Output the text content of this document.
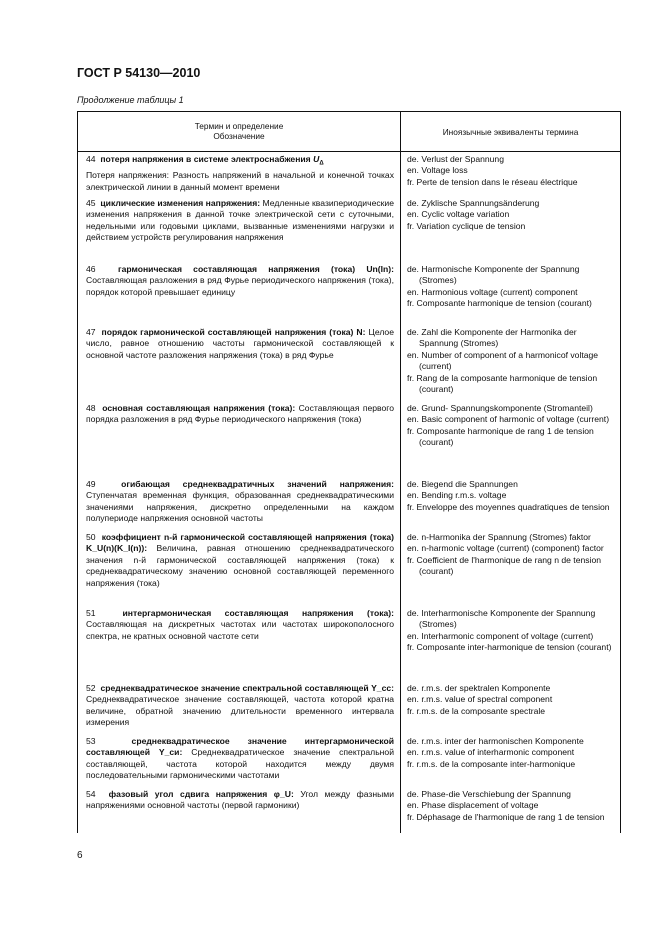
ГОСТ Р 54130—2010
Продолжение таблицы 1
Термин и определение
Обозначение	Иноязычные эквиваленты термина
44 потеря напряжения в системе электроснабжения $U_\Delta$
Потеря напряжения: Разность напряжений в начальной и конечной точках электрической линии в данный момент времени
de. Verlust der Spannung
en. Voltage loss
fr. Perte de tension dans le réseau électrique
45 циклические изменения напряжения: Медленные квазипериодические изменения напряжения в данной точке электрической сети с суточными, недельными или годовыми циклами, вызванные изменениями нагрузки и действием устройств регулирования напряжения
de. Zyklische Spannungsänderung
en. Cyclic voltage variation
fr. Variation cyclique de tension
46	гармоническая составляющая напряжения (тока) Un(In): Составляющая разложения в ряд Фурье периодического напряжения (тока), порядок которой превышает единицу
de. Harmonische Komponente der Spannung (Stromes)
en. Harmonious voltage (current) component
fr. Composante harmonique de tension (courant)
47 порядок гармонической составляющей напряжения (тока) N: Целое число, равное отношению частоты гармонической составляющей к основной частоте разложения напряжения (тока) в ряд Фурье
de. Zahl die Komponente der Harmonika der Spannung (Stromes)
en. Number of component of a harmonicof voltage (current)
fr. Rang de la composante harmonique de tension (courant)
48 основная составляющая напряжения (тока): Составляющая первого порядка разложения в ряд Фурье периодического напряжения (тока)
de. Grund- Spannungskomponente (Stromanteil)
en. Basic component of harmonic of voltage (current)
fr. Composante harmonique de rang 1 de tension (courant)
49	огибающая среднеквадратичных значений напряжения: Ступенчатая временная функция, образованная среднеквадратическими значениями напряжения, дискретно определенными на каждом полупериоде напряжения основной частоты
de. Biegend die Spannungen
en. Bending r.m.s. voltage
fr. Enveloppe des moyennes quadratiques de tension
50 коэффициент n-й гармонической составляющей напряжения (тока) K_U(n)(K_I(n)): Величина, равная отношению среднеквадратического значения n-й гармонической составляющей напряжения (тока) к среднеквадратическому значению основной составляющей переменного напряжения (тока)
de. n-Harmonika der Spannung (Stromes) faktor
en. n-harmonic voltage (current) (component) factor
fr. Coefficient de l'harmonique de rang n de tension (courant)
51	интергармоническая составляющая напряжения (тока): Составляющая на дискретных частотах или частотах широкополосного спектра, не кратных основной частоте сети
de. Interharmonische Komponente der Spannung (Stromes)
en. Interharmonic component of voltage (current)
fr. Composante inter-harmonique de tension (courant)
52 среднеквадратическое значение спектральной составляющей Y_сс: Среднеквадратическое значение составляющей, частота которой кратна величине, обратной значению длительности временного интервала измерения
de. r.m.s. der spektralen Komponente
en. r.m.s. value of spectral component
fr. r.m.s. de la composante spectrale
53	среднеквадратическое значение интергармонической составляющей Y_си: Среднеквадратическое значение спектральной составляющей, частота которой находится между двумя последовательными гармоническими частотами
de. r.m.s. inter der harmonischen Komponente
en. r.m.s. value of interharmonic component
fr. r.m.s. de la composante inter-harmonique
54 фазовый угол сдвига напряжения φ_U: Угол между фазными напряжениями основной частоты (первой гармоники)
de. Phase-die Verschiebung der Spannung
en. Phase displacement of voltage
fr. Déphasage de l'harmonique de rang 1 de tension
6
